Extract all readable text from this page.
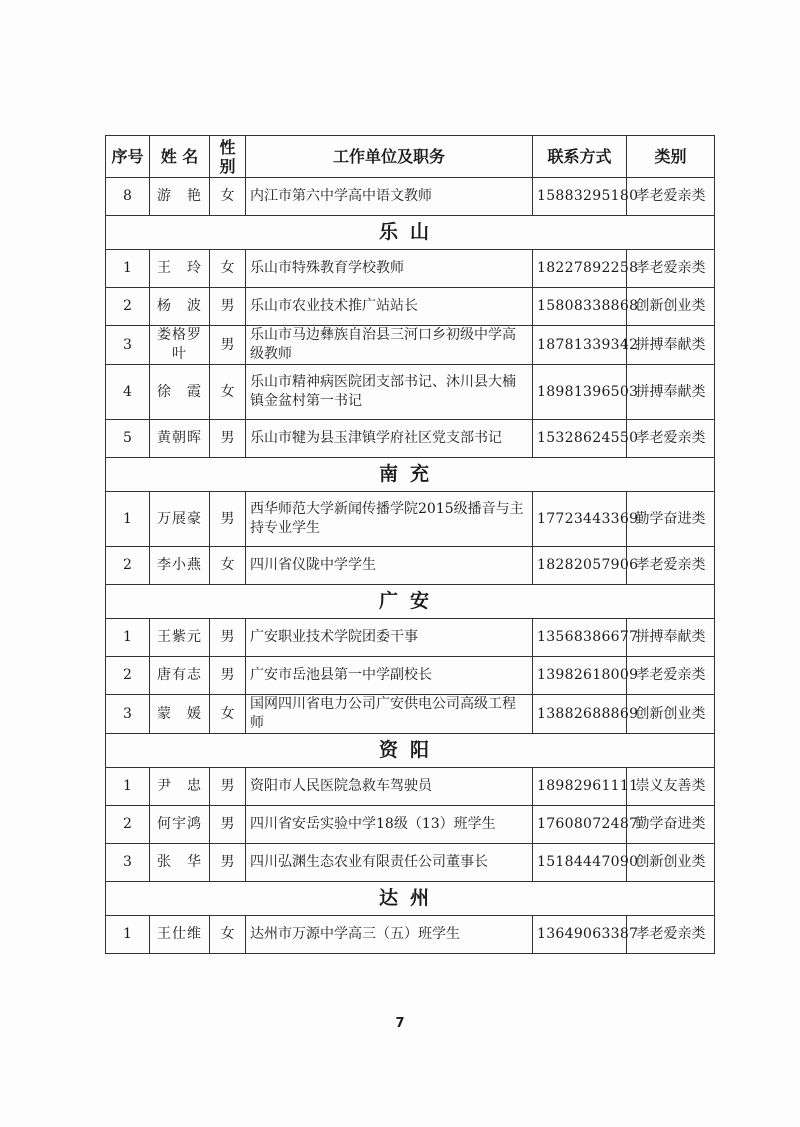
序号	姓 名	性别	工作单位及职务	联系方式	类别
8	游　艳	女	内江市第六中学高中语文教师	15883295180	孝老爱亲类
乐山					
1	王　玲	女	乐山市特殊教育学校教师	18227892258	孝老爱亲类
2	杨　波	男	乐山市农业技术推广站站长	15808338868	创新创业类
3	娄格罗叶	男	乐山市马边彝族自治县三河口乡初级中学高级教师	18781339342	拼搏奉献类
4	徐　霞	女	乐山市精神病医院团支部书记、沐川县大楠镇金盆村第一书记	18981396503	拼搏奉献类
5	黄朝晖	男	乐山市犍为县玉津镇学府社区党支部书记	15328624550	孝老爱亲类
南充					
1	万展豪	男	西华师范大学新闻传播学院2015级播音与主持专业学生	17723443369	勤学奋进类
2	李小燕	女	四川省仪陇中学学生	18282057906	孝老爱亲类
广安					
1	王紫元	男	广安职业技术学院团委干事	13568386677	拼搏奉献类
2	唐有志	男	广安市岳池县第一中学副校长	13982618009	孝老爱亲类
3	蒙　媛	女	国网四川省电力公司广安供电公司高级工程师	13882688869	创新创业类
资阳					
1	尹　忠	男	资阳市人民医院急救车驾驶员	18982961111	崇义友善类
2	何宇鸿	男	四川省安岳实验中学18级（13）班学生	17608072487	勤学奋进类
3	张　华	男	四川弘渊生态农业有限责任公司董事长	15184447090	创新创业类
达州					
1	王仕维	女	达州市万源中学高三（五）班学生	13649063387	孝老爱亲类
7
